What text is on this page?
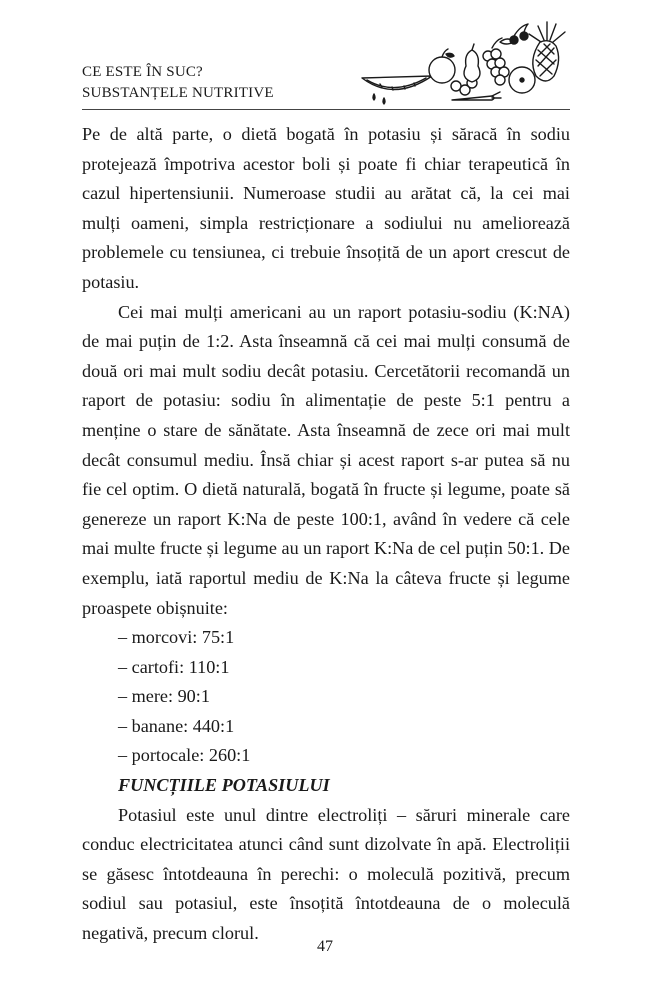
CE ESTE ÎN SUC?
SUBSTANȚELE NUTRITIVE

Pe de altă parte, o dietă bogată în potasiu și săracă în sodiu protejează împotriva acestor boli și poate fi chiar terapeutică în cazul hipertensiunii. Numeroase studii au arătat că, la cei mai mulți oameni, simpla restricționare a sodiului nu ameliorează problemele cu tensiunea, ci trebuie însoțită de un aport crescut de potasiu.

Cei mai mulți americani au un raport potasiu-sodiu (K:NA) de mai puțin de 1:2. Asta înseamnă că cei mai mulți consumă de două ori mai mult sodiu decât potasiu. Cercetătorii recomandă un raport de potasiu: sodiu în alimentație de peste 5:1 pentru a menține o stare de sănătate. Asta înseamnă de zece ori mai mult decât consumul mediu. Însă chiar și acest raport s-ar putea să nu fie cel optim. O dietă naturală, bogată în fructe și legume, poate să genereze un raport K:Na de peste 100:1, având în vedere că cele mai multe fructe și legume au un raport K:Na de cel puțin 50:1. De exemplu, iată raportul mediu de K:Na la câteva fructe și legume proaspete obișnuite:

– morcovi: 75:1
– cartofi: 110:1
– mere: 90:1
– banane: 440:1
– portocale: 260:1

FUNCȚIILE POTASIULUI

Potasiul este unul dintre electroliți – săruri minerale care conduc electricitatea atunci când sunt dizolvate în apă. Electroliții se găsesc întotdeauna în perechi: o moleculă pozitivă, precum sodiul sau potasiul, este însoțită întotdeauna de o moleculă negativă, precum clorul.

47
